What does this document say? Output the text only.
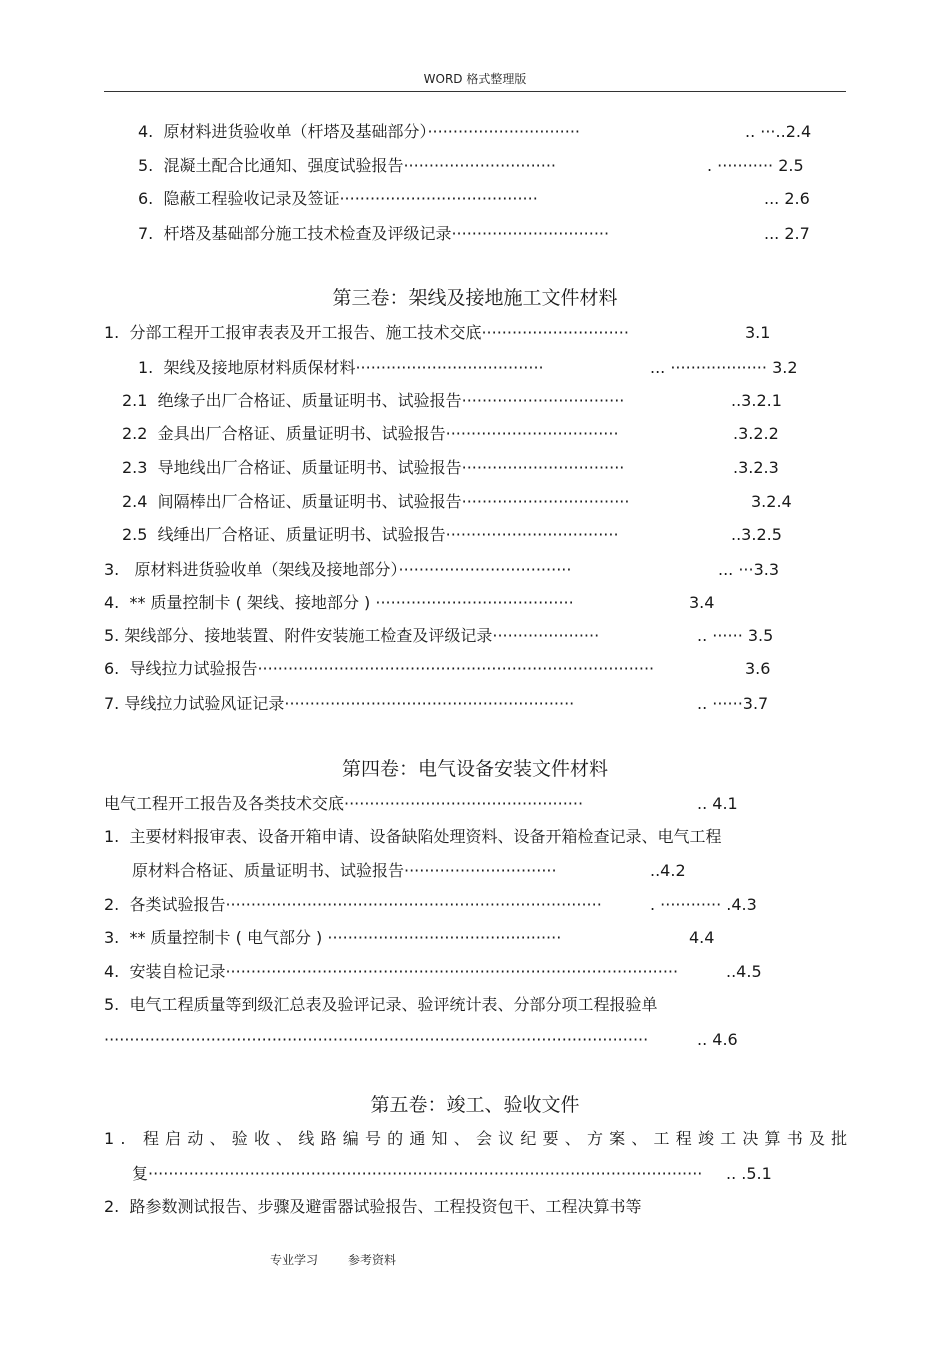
WORD 格式整理版
4.  原材料进货验收单（杆塔及基础部分）······························	.. ···..2.4
5.  混凝土配合比通知、强度试验报告······························	. ··········· 2.5
6.  隐蔽工程验收记录及签证·······································	... 2.6
7.  杆塔及基础部分施工技术检查及评级记录·······························	... 2.7
第三卷：架线及接地施工文件材料
1.  分部工程开工报审表表及开工报告、施工技术交底·····························	3.1
1.  架线及接地原材料质保材料·····································	... ··················· 3.2
2.1  绝缘子出厂合格证、质量证明书、试验报告································	..3.2.1
2.2  金具出厂合格证、质量证明书、试验报告··································	.3.2.2
2.3  导地线出厂合格证、质量证明书、试验报告································	.3.2.3
2.4  间隔棒出厂合格证、质量证明书、试验报告·································	3.2.4
2.5  线缍出厂合格证、质量证明书、试验报告··································	..3.2.5
3.   原材料进货验收单（架线及接地部分）··································	... ···3.3
4.  ** 质量控制卡 ( 架线、接地部分 ) ·······································	3.4
5. 架线部分、接地装置、附件安装施工检查及评级记录·····················	.. ······ 3.5
6.  导线拉力试验报告··············································································	3.6
7. 导线拉力试验风证记录·························································	.. ······3.7
第四卷：电气设备安装文件材料
电气工程开工报告及各类技术交底···············································	.. 4.1
1.  主要材料报审表、设备开箱申请、设备缺陷处理资料、设备开箱检查记录、电气工程
原材料合格证、质量证明书、试验报告······························	..4.2
2.  各类试验报告··········································································	. ············ .4.3
3.  ** 质量控制卡 ( 电气部分 ) ··············································	4.4
4.  安装自检记录·························································································	..4.5
5.  电气工程质量等到级汇总表及验评记录、验评统计表、分部分项工程报验单
···········································································································	.. 4.6
第五卷：竣工、验收文件
1. 程启动、验收、线路编号的通知、会议纪要、方案、工程竣工决算书及批
复············································································································· .. .5.1
2.  路参数测试报告、步骤及避雷器试验报告、工程投资包干、工程决算书等
专业学习 参考资料
